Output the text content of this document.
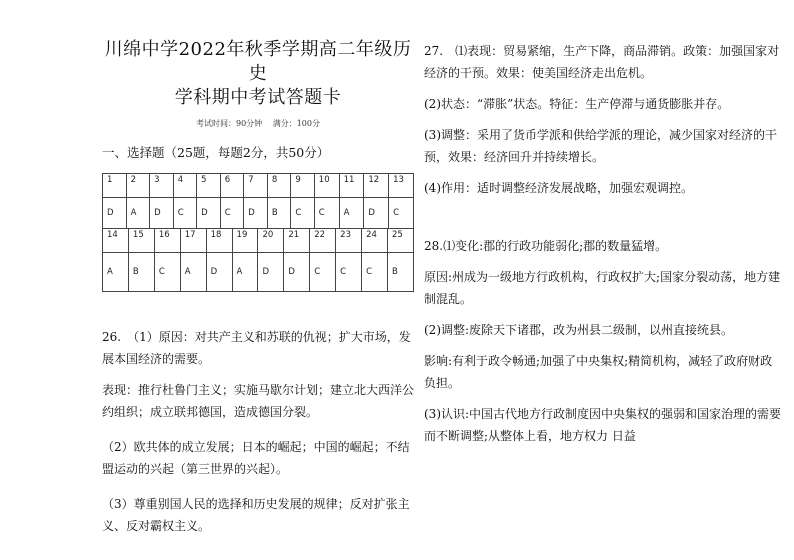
川绵中学2022年秋季学期高二年级历史
学科期中考试答题卡
考试时间：90分钟 满分：100分
一、选择题（25题，每题2分，共50分）
1	2	3	4	5	6	7	8	9	10	11	12	13
D	A	D	C	D	C	D	B	C	C	A	D	C
14	15	16	17	18	19	20	21	22	23	24	25
A	B	C	A	D	A	D	D	C	C	C	B

26.　（1）原因：对共产主义和苏联的仇视；扩大市场，发展本国经济的需要。

表现：推行杜鲁门主义；实施马歇尔计划；建立北大西洋公约组织；成立联邦德国，造成德国分裂。

（2）欧共体的成立发展；日本的崛起；中国的崛起；不结盟运动的兴起（第三世界的兴起）。

（3）尊重别国人民的选择和历史发展的规律；反对扩张主义、反对霸权主义。

27.　⑴表现：贸易紧缩，生产下降，商品滞销。政策：加强国家对经济的干预。效果：使美国经济走出危机。

(2)状态：“滞胀”状态。特征：生产停滞与通货膨胀并存。

(3)调整：采用了货币学派和供给学派的理论，减少国家对经济的干预，效果：经济回升并持续增长。

(4)作用：适时调整经济发展战略，加强宏观调控。

28.⑴变化:郡的行政功能弱化;郡的数量猛增。

原因:州成为一级地方行政机构，行政权扩大;国家分裂动荡，地方建制混乱。

(2)调整:废除天下诸郡，改为州县二级制，以州直接统县。

影响:有利于政令畅通;加强了中央集权;精简机构，减轻了政府财政负担。

(3)认识:中国古代地方行政制度因中央集权的强弱和国家治理的需要而不断调整;从整体上看，地方权力 日益
